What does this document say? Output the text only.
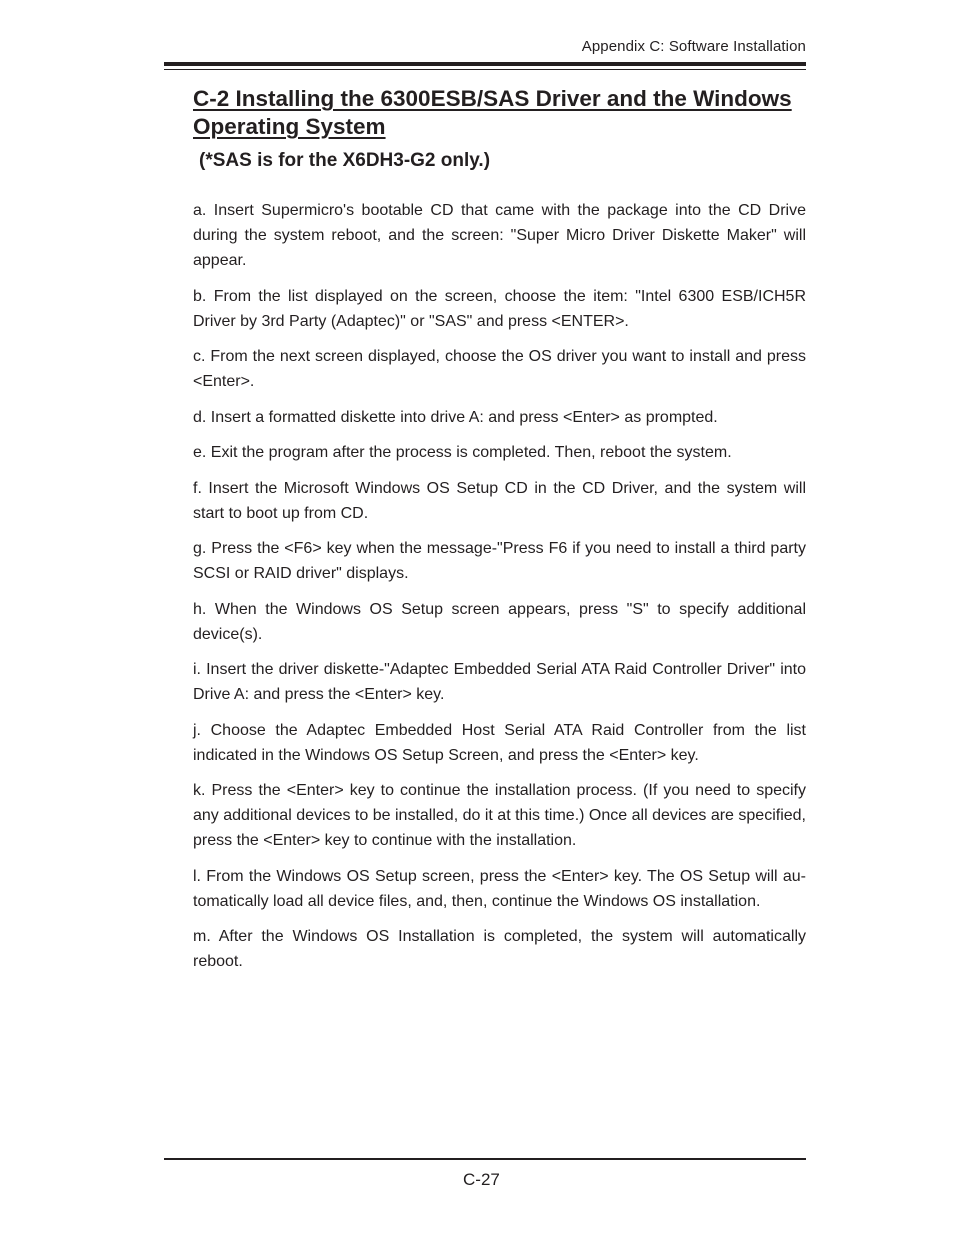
Appendix C: Software Installation
C-2 Installing the 6300ESB/SAS Driver and the Windows Operating System

(*SAS is for the X6DH3-G2 only.)

a. Insert Supermicro's bootable CD that came with the package into the CD Drive during the system reboot, and the screen: "Super Micro Driver Diskette Maker" will appear.

b. From the list displayed on the screen, choose the item: "Intel 6300 ESB/ICH5R Driver by 3rd Party (Adaptec)" or "SAS" and press <ENTER>.

c. From the next screen displayed, choose the OS driver you want to install and press <Enter>.

d. Insert a formatted diskette into drive A: and press <Enter> as prompted.

e. Exit the program after the process is completed. Then, reboot the system.

f. Insert the Microsoft Windows OS Setup CD in the CD Driver, and the system will start to boot up from CD.

g. Press the <F6> key when the message-"Press F6 if you need to install a third party SCSI or RAID driver" displays.

h. When the Windows OS Setup screen appears, press "S" to specify additional device(s).

i. Insert the driver diskette-"Adaptec Embedded Serial ATA Raid Controller Driver" into Drive A: and press the <Enter> key.

j. Choose the Adaptec Embedded Host Serial ATA Raid Controller from the list indicated in the Windows OS Setup Screen, and press the <Enter> key.

k. Press the <Enter> key to continue the installation process. (If you need to specify any additional devices to be installed, do it at this time.) Once all devices are specified, press the <Enter> key to continue with the installation.

l. From the Windows OS Setup screen, press the <Enter> key. The OS Setup will automatically load all device files, and, then, continue the Windows OS installation.

m. After the Windows OS Installation is completed, the system will automatically reboot.

C-27
